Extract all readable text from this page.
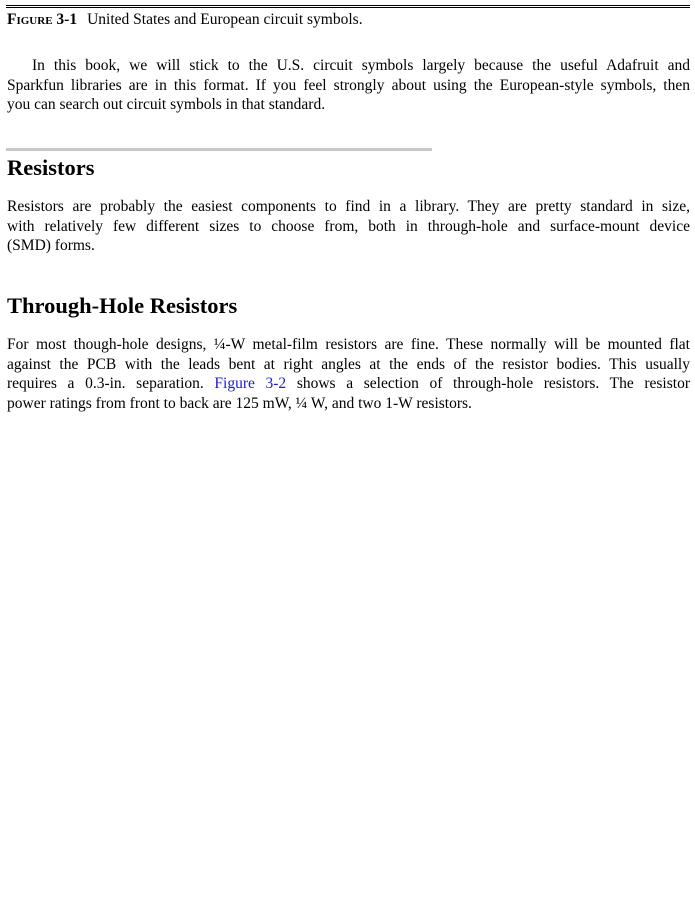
Figure 3-1 United States and European circuit symbols.

In this book, we will stick to the U.S. circuit symbols largely because the useful Adafruit and
Sparkfun libraries are in this format. If you feel strongly about using the European-style symbols, then
you can search out circuit symbols in that standard.

Resistors

Resistors are probably the easiest components to find in a library. They are pretty standard in size,
with relatively few different sizes to choose from, both in through-hole and surface-mount device
(SMD) forms.

Through-Hole Resistors

For most though-hole designs, ¼-W metal-film resistors are fine. These normally will be mounted flat
against the PCB with the leads bent at right angles at the ends of the resistor bodies. This usually
requires a 0.3-in. separation. Figure 3-2 shows a selection of through-hole resistors. The resistor
power ratings from front to back are 125 mW, ¼ W, and two 1-W resistors.
